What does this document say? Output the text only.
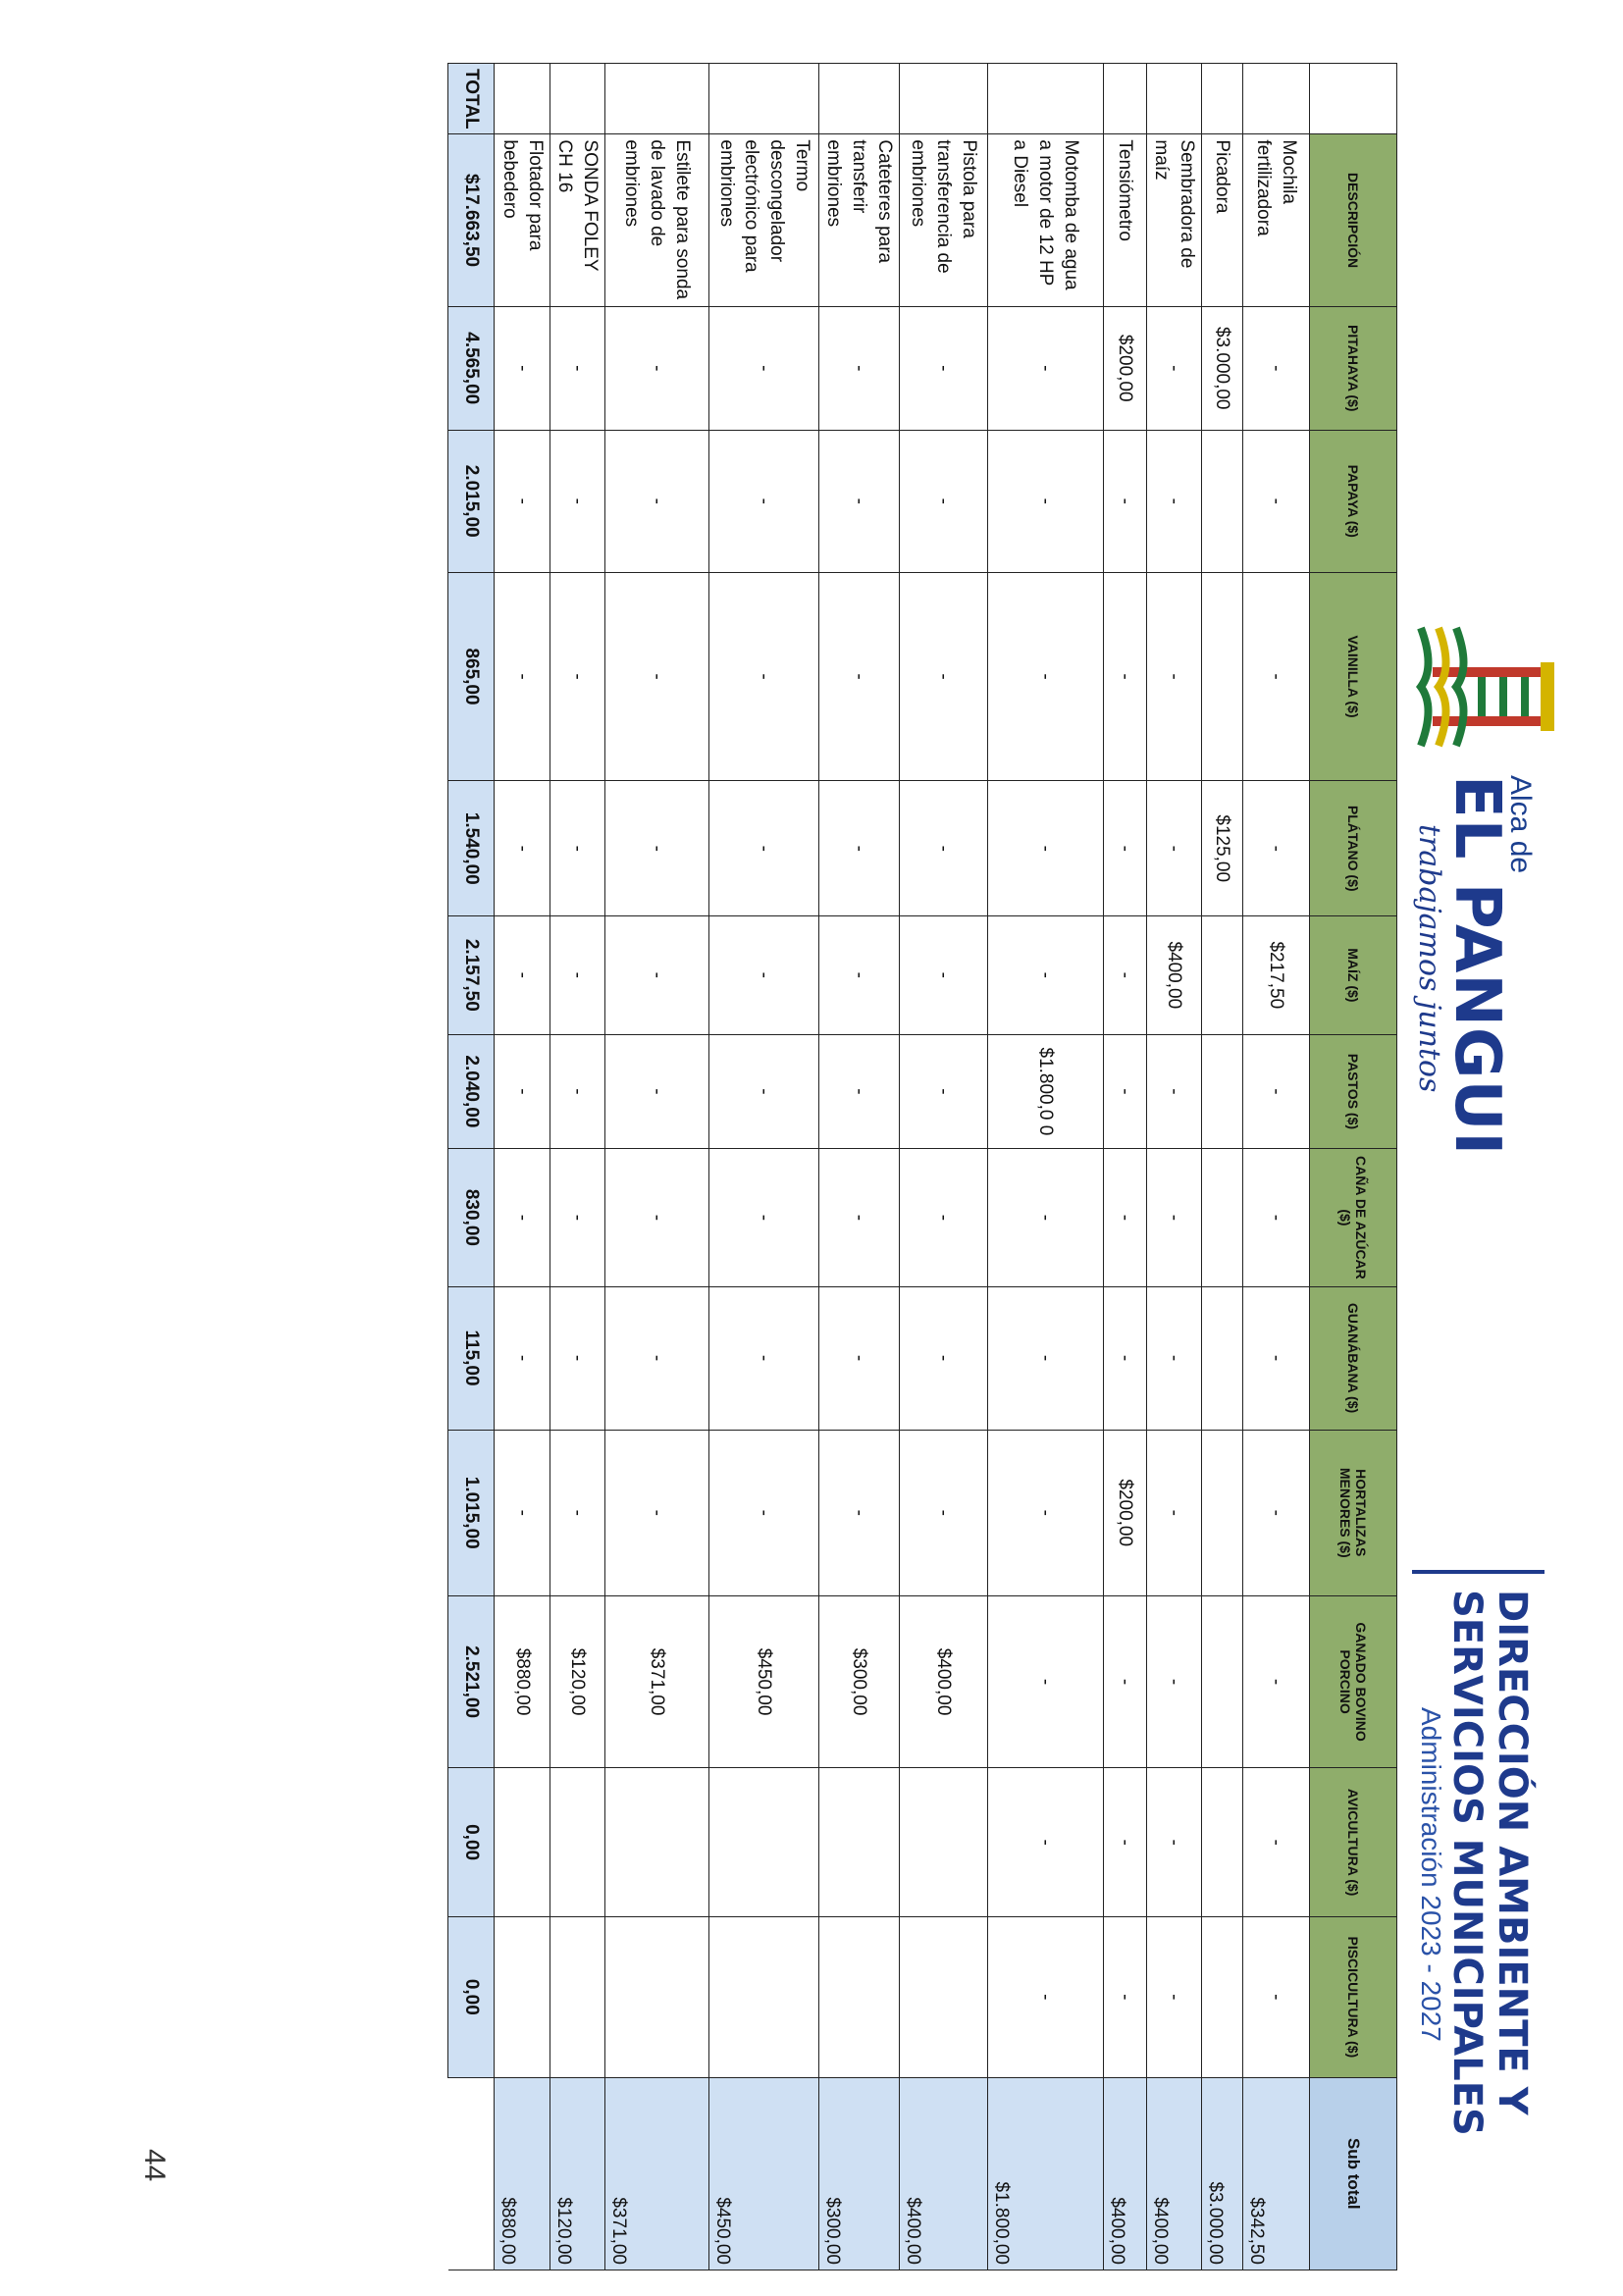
Alca de
EL PANGUI
trabajamos juntos
DIRECCIÓN AMBIENTE Y
SERVICIOS MUNICIPALES
Administración 2023 - 2027
	DESCRIPCIÓN	PITAHAYA ($)	PAPAYA ($)	VAINILLA ($)	PLÁTANO ($)	MAÍZ ($)	PASTOS ($)	CAÑA DE AZÚCAR ($)	GUANÁBANA ($)	HORTALIZAS MENORES ($)	GANADO BOVINO PORCINO	AVICULTURA ($)	PISCICULTURA ($)	Sub total
	Mochila fertilizadora	-	-	-	-	$217,50	-	-	-	-	-	-	-	$342,50
	Picadora	$3.000,00			$125,00									$3.000,00
	Sembradora de maíz	-	-	-	-	$400,00	-	-	-	-	-	-	-	$400,00
	Tensiómetro	$200,00	-	-	-	-	-	-	-	$200,00	-	-	-	$400,00
	Motomba de agua a motor de 12 HP a Diesel	-	-	-	-	-	$1.800,0 0	-	-	-	-	-	-	$1.800,00
	Pistola para transferencia de embriones	-	-	-	-	-	-	-	-	-	$400,00			$400,00
	Cateteres para transferir embriones	-	-	-	-	-	-	-	-	-	$300,00			$300,00
	Termo descongelador electrónico para embriones	-	-	-	-	-	-	-	-	-	$450,00			$450,00
	Estilete para sonda de lavado de embriones	-	-	-	-	-	-	-	-	-	$371,00			$371,00
	SONDA FOLEY CH 16	-	-	-	-	-	-	-	-	-	$120,00			$120,00
	Flotador para bebedero	-	-	-	-	-	-	-	-	-	$880,00			$880,00
TOTAL	$17.663,50	4.565,00	2.015,00	865,00	1.540,00	2.157,50	2.040,00	830,00	115,00	1.015,00	2.521,00	0,00	0,00	
44
